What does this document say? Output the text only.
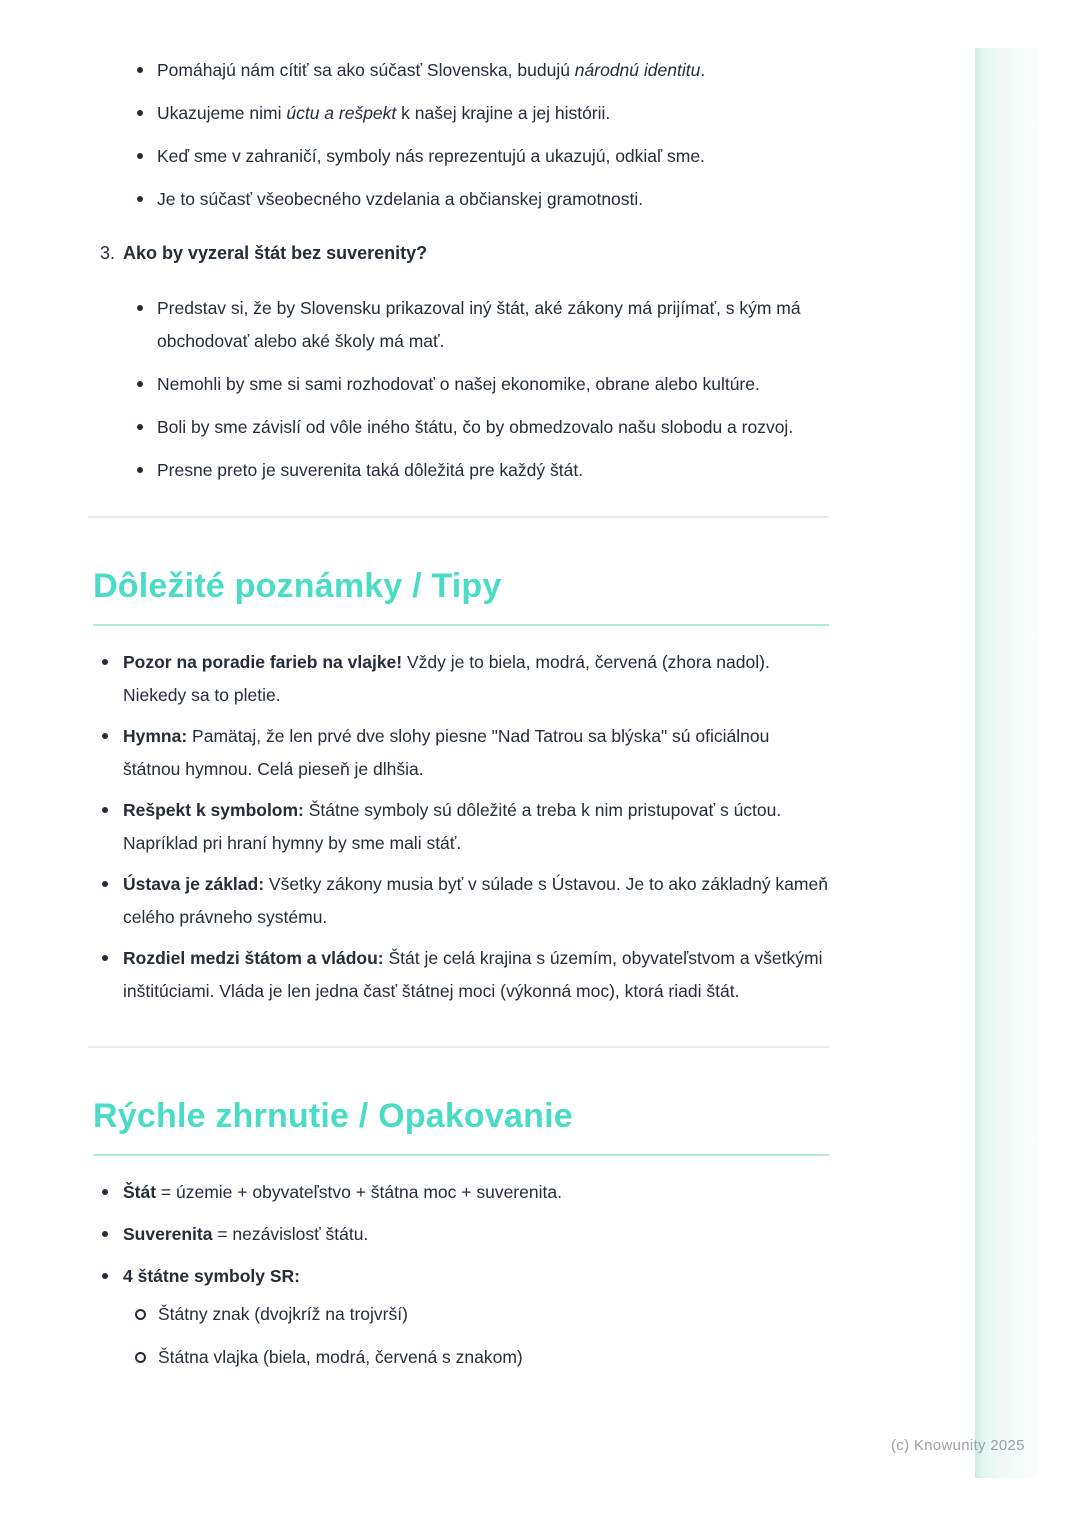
Pomáhajú nám cítiť sa ako súčasť Slovenska, budujú národnú identitu.
Ukazujeme nimi úctu a rešpekt k našej krajine a jej histórii.
Keď sme v zahraničí, symboly nás reprezentujú a ukazujú, odkiaľ sme.
Je to súčasť všeobecného vzdelania a občianskej gramotnosti.
3. Ako by vyzeral štát bez suverenity?
Predstav si, že by Slovensku prikazoval iný štát, aké zákony má prijímať, s kým má obchodovať alebo aké školy má mať.
Nemohli by sme si sami rozhodovať o našej ekonomike, obrane alebo kultúre.
Boli by sme závislí od vôle iného štátu, čo by obmedzovalo našu slobodu a rozvoj.
Presne preto je suverenita taká dôležitá pre každý štát.
Dôležité poznámky / Tipy
Pozor na poradie farieb na vlajke! Vždy je to biela, modrá, červená (zhora nadol). Niekedy sa to pletie.
Hymna: Pamätaj, že len prvé dve slohy piesne "Nad Tatrou sa blýska" sú oficiálnou štátnou hymnou. Celá pieseň je dlhšia.
Rešpekt k symbolom: Štátne symboly sú dôležité a treba k nim pristupovať s úctou. Napríklad pri hraní hymny by sme mali stáť.
Ústava je základ: Všetky zákony musia byť v súlade s Ústavou. Je to ako základný kameň celého právneho systému.
Rozdiel medzi štátom a vládou: Štát je celá krajina s územím, obyvateľstvom a všetkými inštitúciami. Vláda je len jedna časť štátnej moci (výkonná moc), ktorá riadi štát.
Rýchle zhrnutie / Opakovanie
Štát = územie + obyvateľstvo + štátna moc + suverenita.
Suverenita = nezávislosť štátu.
4 štátne symboly SR:
Štátny znak (dvojkríž na trojvrší)
Štátna vlajka (biela, modrá, červená s znakom)
(c) Knowunity 2025
